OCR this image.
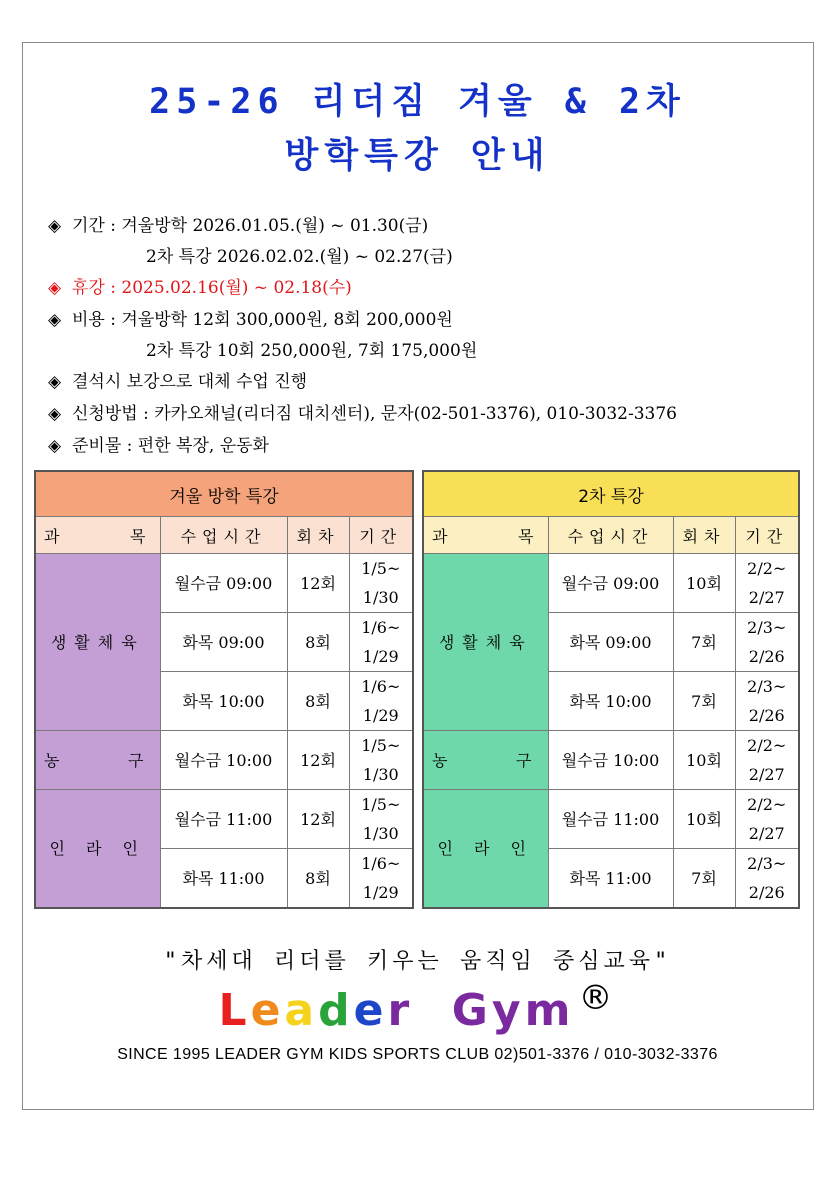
25-26 리더짐 겨울 & 2차
방학특강 안내
◈ 기간 : 겨울방학 2026.01.05.(월) ~ 01.30(금)
2차 특강 2026.02.02.(월) ~ 02.27(금)
◈ 휴강 : 2025.02.16(월) ~ 02.18(수)
◈ 비용 : 겨울방학 12회 300,000원, 8회 200,000원
2차 특강 10회 250,000원, 7회 175,000원
◈ 결석시 보강으로 대체 수업 진행
◈ 신청방법 : 카카오채널(리더짐 대치센터), 문자(02-501-3376), 010-3032-3376
◈ 준비물 : 편한 복장, 운동화
겨울 방학 특강			
과 목	수업시간	회차	기간
생활체육	월수금 09:00	12회	1/5~
1/30
	화목 09:00	8회	1/6~
1/29
	화목 10:00	8회	1/6~
1/29
농 구	월수금 10:00	12회	1/5~
1/30
인 라 인	월수금 11:00	12회	1/5~
1/30
	화목 11:00	8회	1/6~
1/29
2차 특강			
과 목	수업시간	회차	기간
생활체육	월수금 09:00	10회	2/2~
2/27
	화목 09:00	7회	2/3~
2/26
	화목 10:00	7회	2/3~
2/26
농 구	월수금 10:00	10회	2/2~
2/27
인 라 인	월수금 11:00	10회	2/2~
2/27
	화목 11:00	7회	2/3~
2/26
"차세대 리더를 키우는 움직임 중심교육"
Leader Gym ®
SINCE 1995 LEADER GYM KIDS SPORTS CLUB 02)501-3376 / 010-3032-3376
